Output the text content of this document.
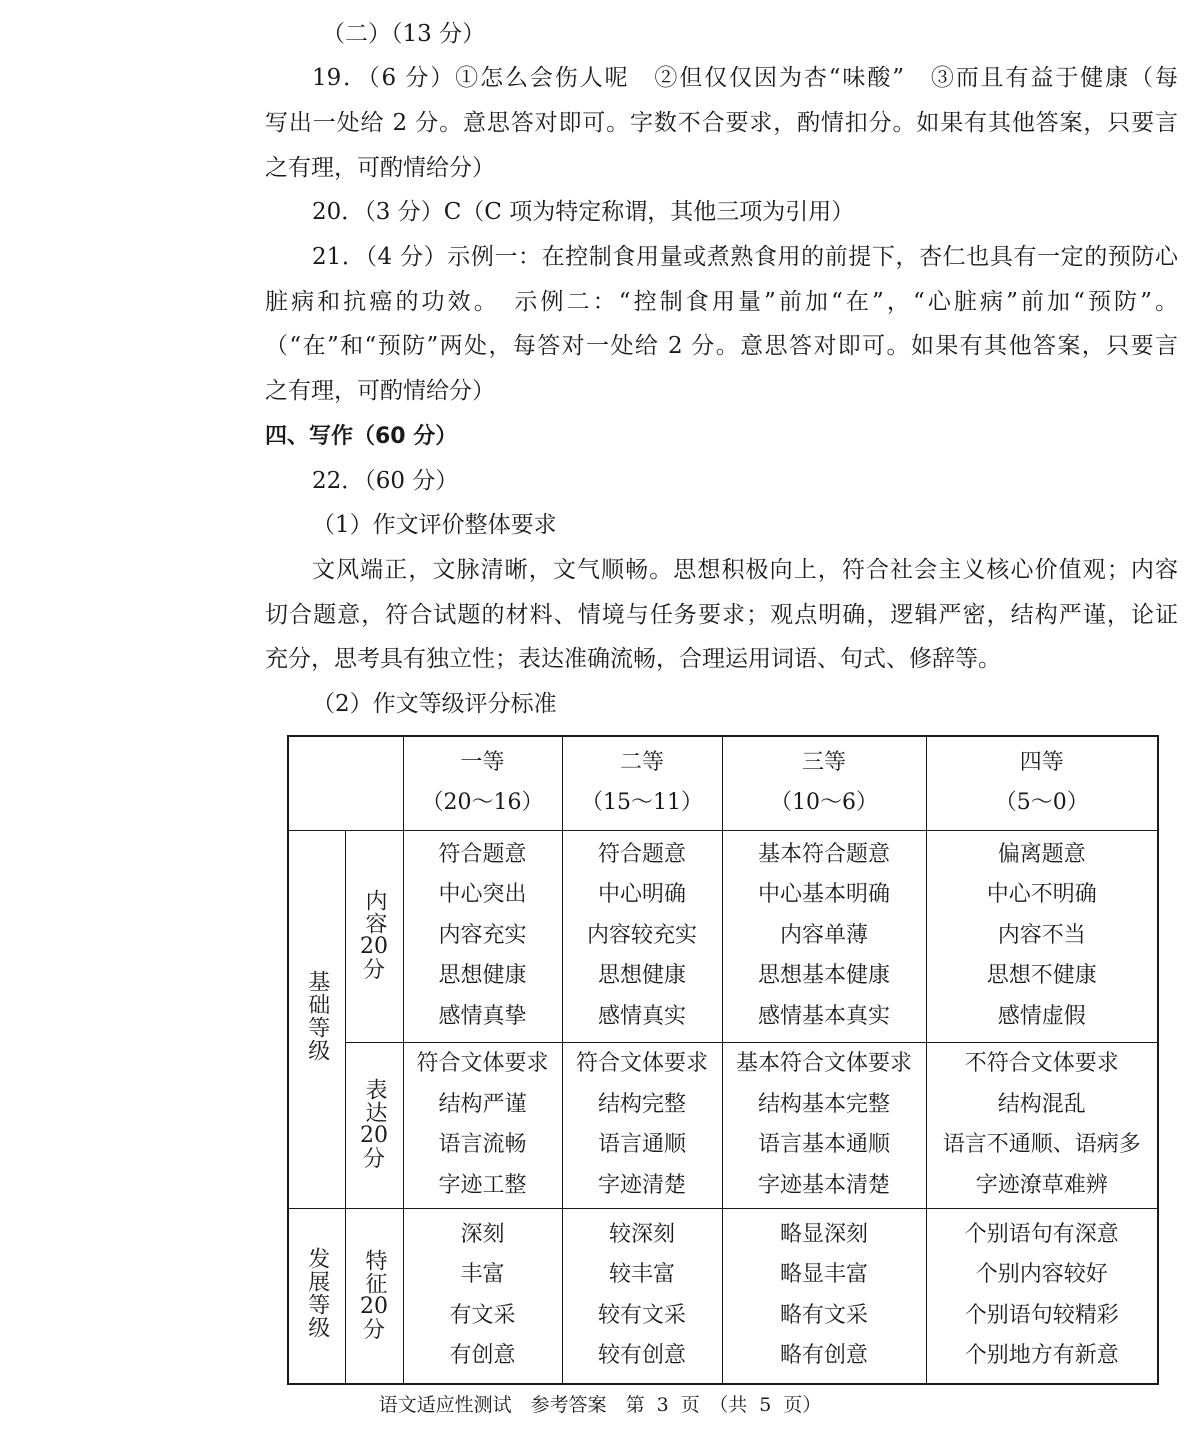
（二）（13 分）
19．（6 分）①怎么会伤人呢　②但仅仅因为杏“味酸”　③而且有益于健康（每
写出一处给 2 分。意思答对即可。字数不合要求，酌情扣分。如果有其他答案，只要言
之有理，可酌情给分）
20．（3 分）C（C 项为特定称谓，其他三项为引用）
21．（4 分）示例一：在控制食用量或煮熟食用的前提下，杏仁也具有一定的预防心
脏病和抗癌的功效。　示例二：“控制食用量”前加“在”，“心脏病”前加“预防”。
（“在”和“预防”两处，每答对一处给 2 分。意思答对即可。如果有其他答案，只要言
之有理，可酌情给分）
四、写作（60 分）
22．（60 分）
（1）作文评价整体要求
文风端正，文脉清晰，文气顺畅。思想积极向上，符合社会主义核心价值观；内容
切合题意，符合试题的材料、情境与任务要求；观点明确，逻辑严密，结构严谨，论证
充分，思考具有独立性；表达准确流畅，合理运用词语、句式、修辞等。
（2）作文等级评分标准

		一等
（20～16）	二等
（15～11）	三等
（10～6）	四等
（5～0）

基础等级	内容
20
分	符合题意
中心突出
内容充实
思想健康
感情真挚	符合题意
中心明确
内容较充实
思想健康
感情真实	基本符合题意
中心基本明确
内容单薄
思想基本健康
感情基本真实	偏离题意
中心不明确
内容不当
思想不健康
感情虚假

	表达
20
分	符合文体要求
结构严谨
语言流畅
字迹工整	符合文体要求
结构完整
语言通顺
字迹清楚	基本符合文体要求
结构基本完整
语言基本通顺
字迹基本清楚	不符合文体要求
结构混乱
语言不通顺、语病多
字迹潦草难辨

发展等级	特征
20
分	深刻
丰富
有文采
有创意	较深刻
较丰富
较有文采
较有创意	略显深刻
略显丰富
略有文采
略有创意	个别语句有深意
个别内容较好
个别语句较精彩
个别地方有新意
语文适应性测试　参考答案　第 3 页　（共 5 页）
